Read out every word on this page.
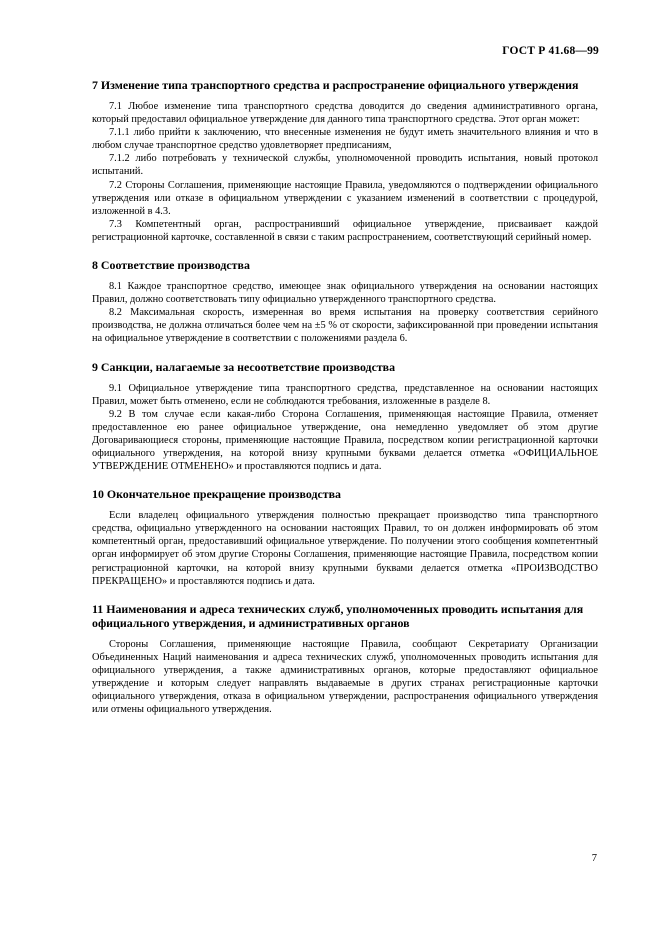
ГОСТ Р 41.68—99
7 Изменение типа транспортного средства и распространение официального утверждения

7.1 Любое изменение типа транспортного средства доводится до сведения административного органа, который предоставил официальное утверждение для данного типа транспортного средства. Этот орган может:

7.1.1 либо прийти к заключению, что внесенные изменения не будут иметь значительного влияния и что в любом случае транспортное средство удовлетворяет предписаниям,

7.1.2 либо потребовать у технической службы, уполномоченной проводить испытания, новый протокол испытаний.

7.2 Стороны Соглашения, применяющие настоящие Правила, уведомляются о подтверждении официального утверждения или отказе в официальном утверждении с указанием изменений в соответствии с процедурой, изложенной в 4.3.

7.3 Компетентный орган, распространивший официальное утверждение, присваивает каждой регистрационной карточке, составленной в связи с таким распространением, соответствующий серийный номер.

8 Соответствие производства

8.1 Каждое транспортное средство, имеющее знак официального утверждения на основании настоящих Правил, должно соответствовать типу официально утвержденного транспортного средства.

8.2 Максимальная скорость, измеренная во время испытания на проверку соответствия серийного производства, не должна отличаться более чем на ±5 % от скорости, зафиксированной при проведении испытания на официальное утверждение в соответствии с положениями раздела 6.

9 Санкции, налагаемые за несоответствие производства

9.1 Официальное утверждение типа транспортного средства, представленное на основании настоящих Правил, может быть отменено, если не соблюдаются требования, изложенные в разделе 8.

9.2 В том случае если какая-либо Сторона Соглашения, применяющая настоящие Правила, отменяет предоставленное ею ранее официальное утверждение, она немедленно уведомляет об этом другие Договаривающиеся стороны, применяющие настоящие Правила, посредством копии регистрационной карточки официального утверждения, на которой внизу крупными буквами делается отметка «ОФИЦИАЛЬНОЕ УТВЕРЖДЕНИЕ ОТМЕНЕНО» и проставляются подпись и дата.

10 Окончательное прекращение производства

Если владелец официального утверждения полностью прекращает производство типа транспортного средства, официально утвержденного на основании настоящих Правил, то он должен информировать об этом компетентный орган, предоставивший официальное утверждение. По получении этого сообщения компетентный орган информирует об этом другие Стороны Соглашения, применяющие настоящие Правила, посредством копии регистрационной карточки, на которой внизу крупными буквами делается отметка «ПРОИЗВОДСТВО ПРЕКРАЩЕНО» и проставляются подпись и дата.

11 Наименования и адреса технических служб, уполномоченных проводить испытания для официального утверждения, и административных органов

Стороны Соглашения, применяющие настоящие Правила, сообщают Секретариату Организации Объединенных Наций наименования и адреса технических служб, уполномоченных проводить испытания для официального утверждения, а также административных органов, которые предоставляют официальное утверждение и которым следует направлять выдаваемые в других странах регистрационные карточки официального утверждения, отказа в официальном утверждении, распространения официального утверждения или отмены официального утверждения.

7
